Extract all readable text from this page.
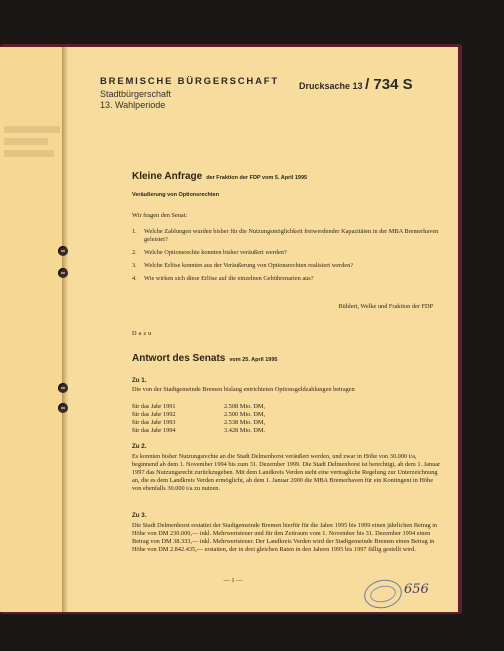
BREMISCHE BÜRGERSCHAFT
Stadtbürgerschaft
13. Wahlperiode
Drucksache 13 / 734 S
Kleine Anfrage der Fraktion der FDP vom 5. April 1995
Veräußerung von Optionsrechten
Wir fragen den Senat:
1. Welche Zahlungen wurden bisher für die Nutzungsmöglichkeit freiwerdender Kapazitäten in der MBA Bremerhaven geleistet?
2. Welche Optionsrechte konnten bisher veräußert werden?
3. Welche Erlöse konnten aus der Veräußerung von Optionsrechten realisiert werden?
4. Wie wirken sich diese Erlöse auf die einzelnen Gebührenarten aus?
Bühlert, Welke und Fraktion der FDP
Dazu
Antwort des Senats vom 25. April 1995
Zu 1.
Die von der Stadtgemeinde Bremen bislang entrichteten Optionsgeldzahlungen betragen
für das Jahr 1991	2.508 Mio. DM,
für das Jahr 1992	2.500 Mio. DM,
für das Jahr 1993	2.538 Mio. DM,
für das Jahr 1994	3.428 Mio. DM.
Zu 2.
Es konnten bisher Nutzungsrechte an die Stadt Delmenhorst veräußert werden, und zwar in Höhe von 30.000 t/a, beginnend ab dem 1. November 1994 bis zum 31. Dezember 1999. Die Stadt Delmenhorst ist berechtigt, ab dem 1. Januar 1997 das Nutzungsrecht zurückzugeben. Mit dem Landkreis Verden steht eine vertragliche Regelung zur Unterzeichnung an, die es dem Landkreis Verden ermöglicht, ab dem 1. Januar 2000 die MBA Bremerhaven für ein Kontingent in Höhe von ebenfalls 30.000 t/a zu nutzen.
Zu 3.
Die Stadt Delmenhorst erstattet der Stadtgemeinde Bremen hierfür für die Jahre 1995 bis 1999 einen jährlichen Betrag in Höhe von DM 230.000,— inkl. Mehrwertsteuer und für den Zeitraum vom 1. November bis 31. Dezember 1994 einen Betrag von DM 38.333,— inkl. Mehrwertsteuer. Der Landkreis Verden wird der Stadtgemeinde Bremen einen Betrag in Höhe von DM 2.842.435,— erstatten, der in drei gleichen Raten in den Jahren 1995 bis 1997 fällig gestellt wird.
— 1 —
656
